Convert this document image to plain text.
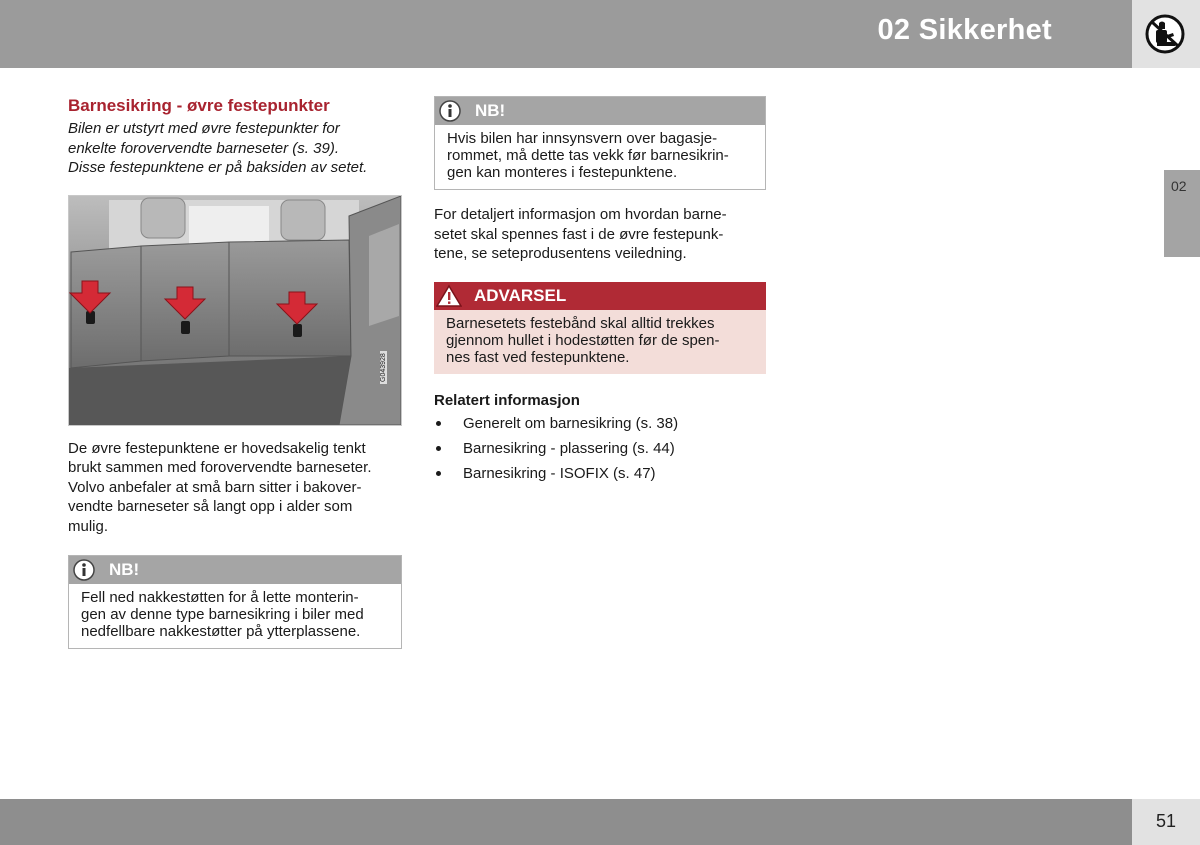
02 Sikkerhet
02
Barnesikring - øvre festepunkter
Bilen er utstyrt med øvre festepunkter for
enkelte forovervendte barneseter (s. 39).
Disse festepunktene er på baksiden av setet.
G043928
De øvre festepunktene er hovedsakelig tenkt
brukt sammen med forovervendte barneseter.
Volvo anbefaler at små barn sitter i bakover-
vendte barneseter så langt opp i alder som
mulig.
NB!
Fell ned nakkestøtten for å lette monterin-
gen av denne type barnesikring i biler med
nedfellbare nakkestøtter på ytterplassene.
NB!
Hvis bilen har innsynsvern over bagasje-
rommet, må dette tas vekk før barnesikrin-
gen kan monteres i festepunktene.
For detaljert informasjon om hvordan barne-
setet skal spennes fast i de øvre festepunk-
tene, se seteprodusentens veiledning.
ADVARSEL
Barnesetets festebånd skal alltid trekkes
gjennom hullet i hodestøtten før de spen-
nes fast ved festepunktene.
Relatert informasjon
Generelt om barnesikring (s. 38)
Barnesikring - plassering (s. 44)
Barnesikring - ISOFIX (s. 47)
51
